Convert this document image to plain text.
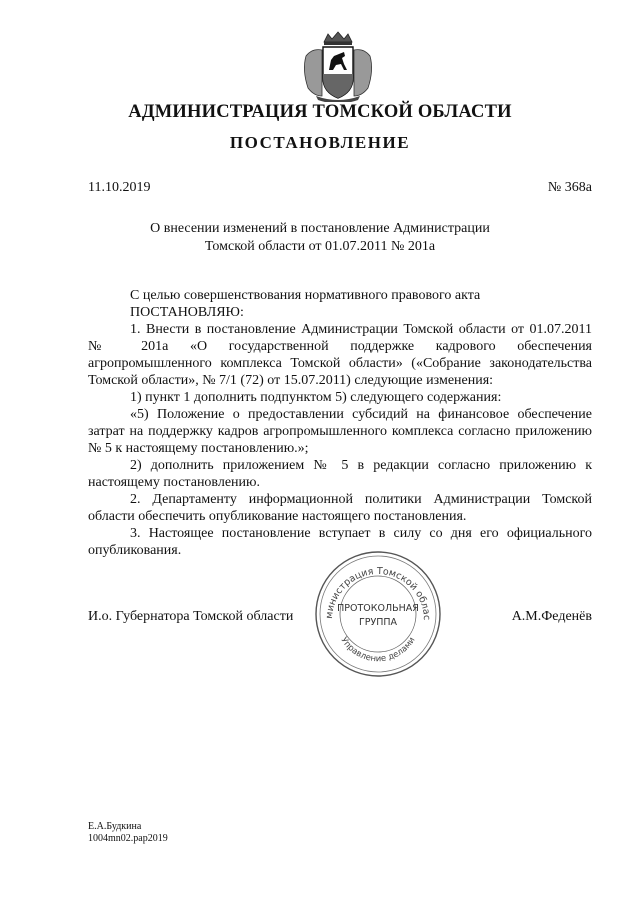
АДМИНИСТРАЦИЯ ТОМСКОЙ ОБЛАСТИ
ПОСТАНОВЛЕНИЕ
11.10.2019	№ 368а
О внесении изменений в постановление Администрации
Томской области от 01.07.2011 № 201а

С целью совершенствования нормативного правового акта

ПОСТАНОВЛЯЮ:

1. Внести в постановление Администрации Томской области от 01.07.2011 № 201а «О государственной поддержке кадрового обеспечения агропромышленного комплекса Томской области» («Собрание законодательства Томской области», № 7/1 (72) от 15.07.2011) следующие изменения:

1) пункт 1 дополнить подпунктом 5) следующего содержания:

«5) Положение о предоставлении субсидий на финансовое обеспечение затрат на поддержку кадров агропромышленного комплекса согласно приложению № 5 к настоящему постановлению.»;

2) дополнить приложением № 5 в редакции согласно приложению к настоящему постановлению.

2. Департаменту информационной политики Администрации Томской области обеспечить опубликование настоящего постановления.

3. Настоящее постановление вступает в силу со дня его официального опубликования.

И.о. Губернатора Томской области	А.М.Феденёв
министрация Томской облас
Управление делами
ПРОТОКОЛЬНАЯ
ГРУППА
Е.А.Будкина
1004mn02.pap2019
